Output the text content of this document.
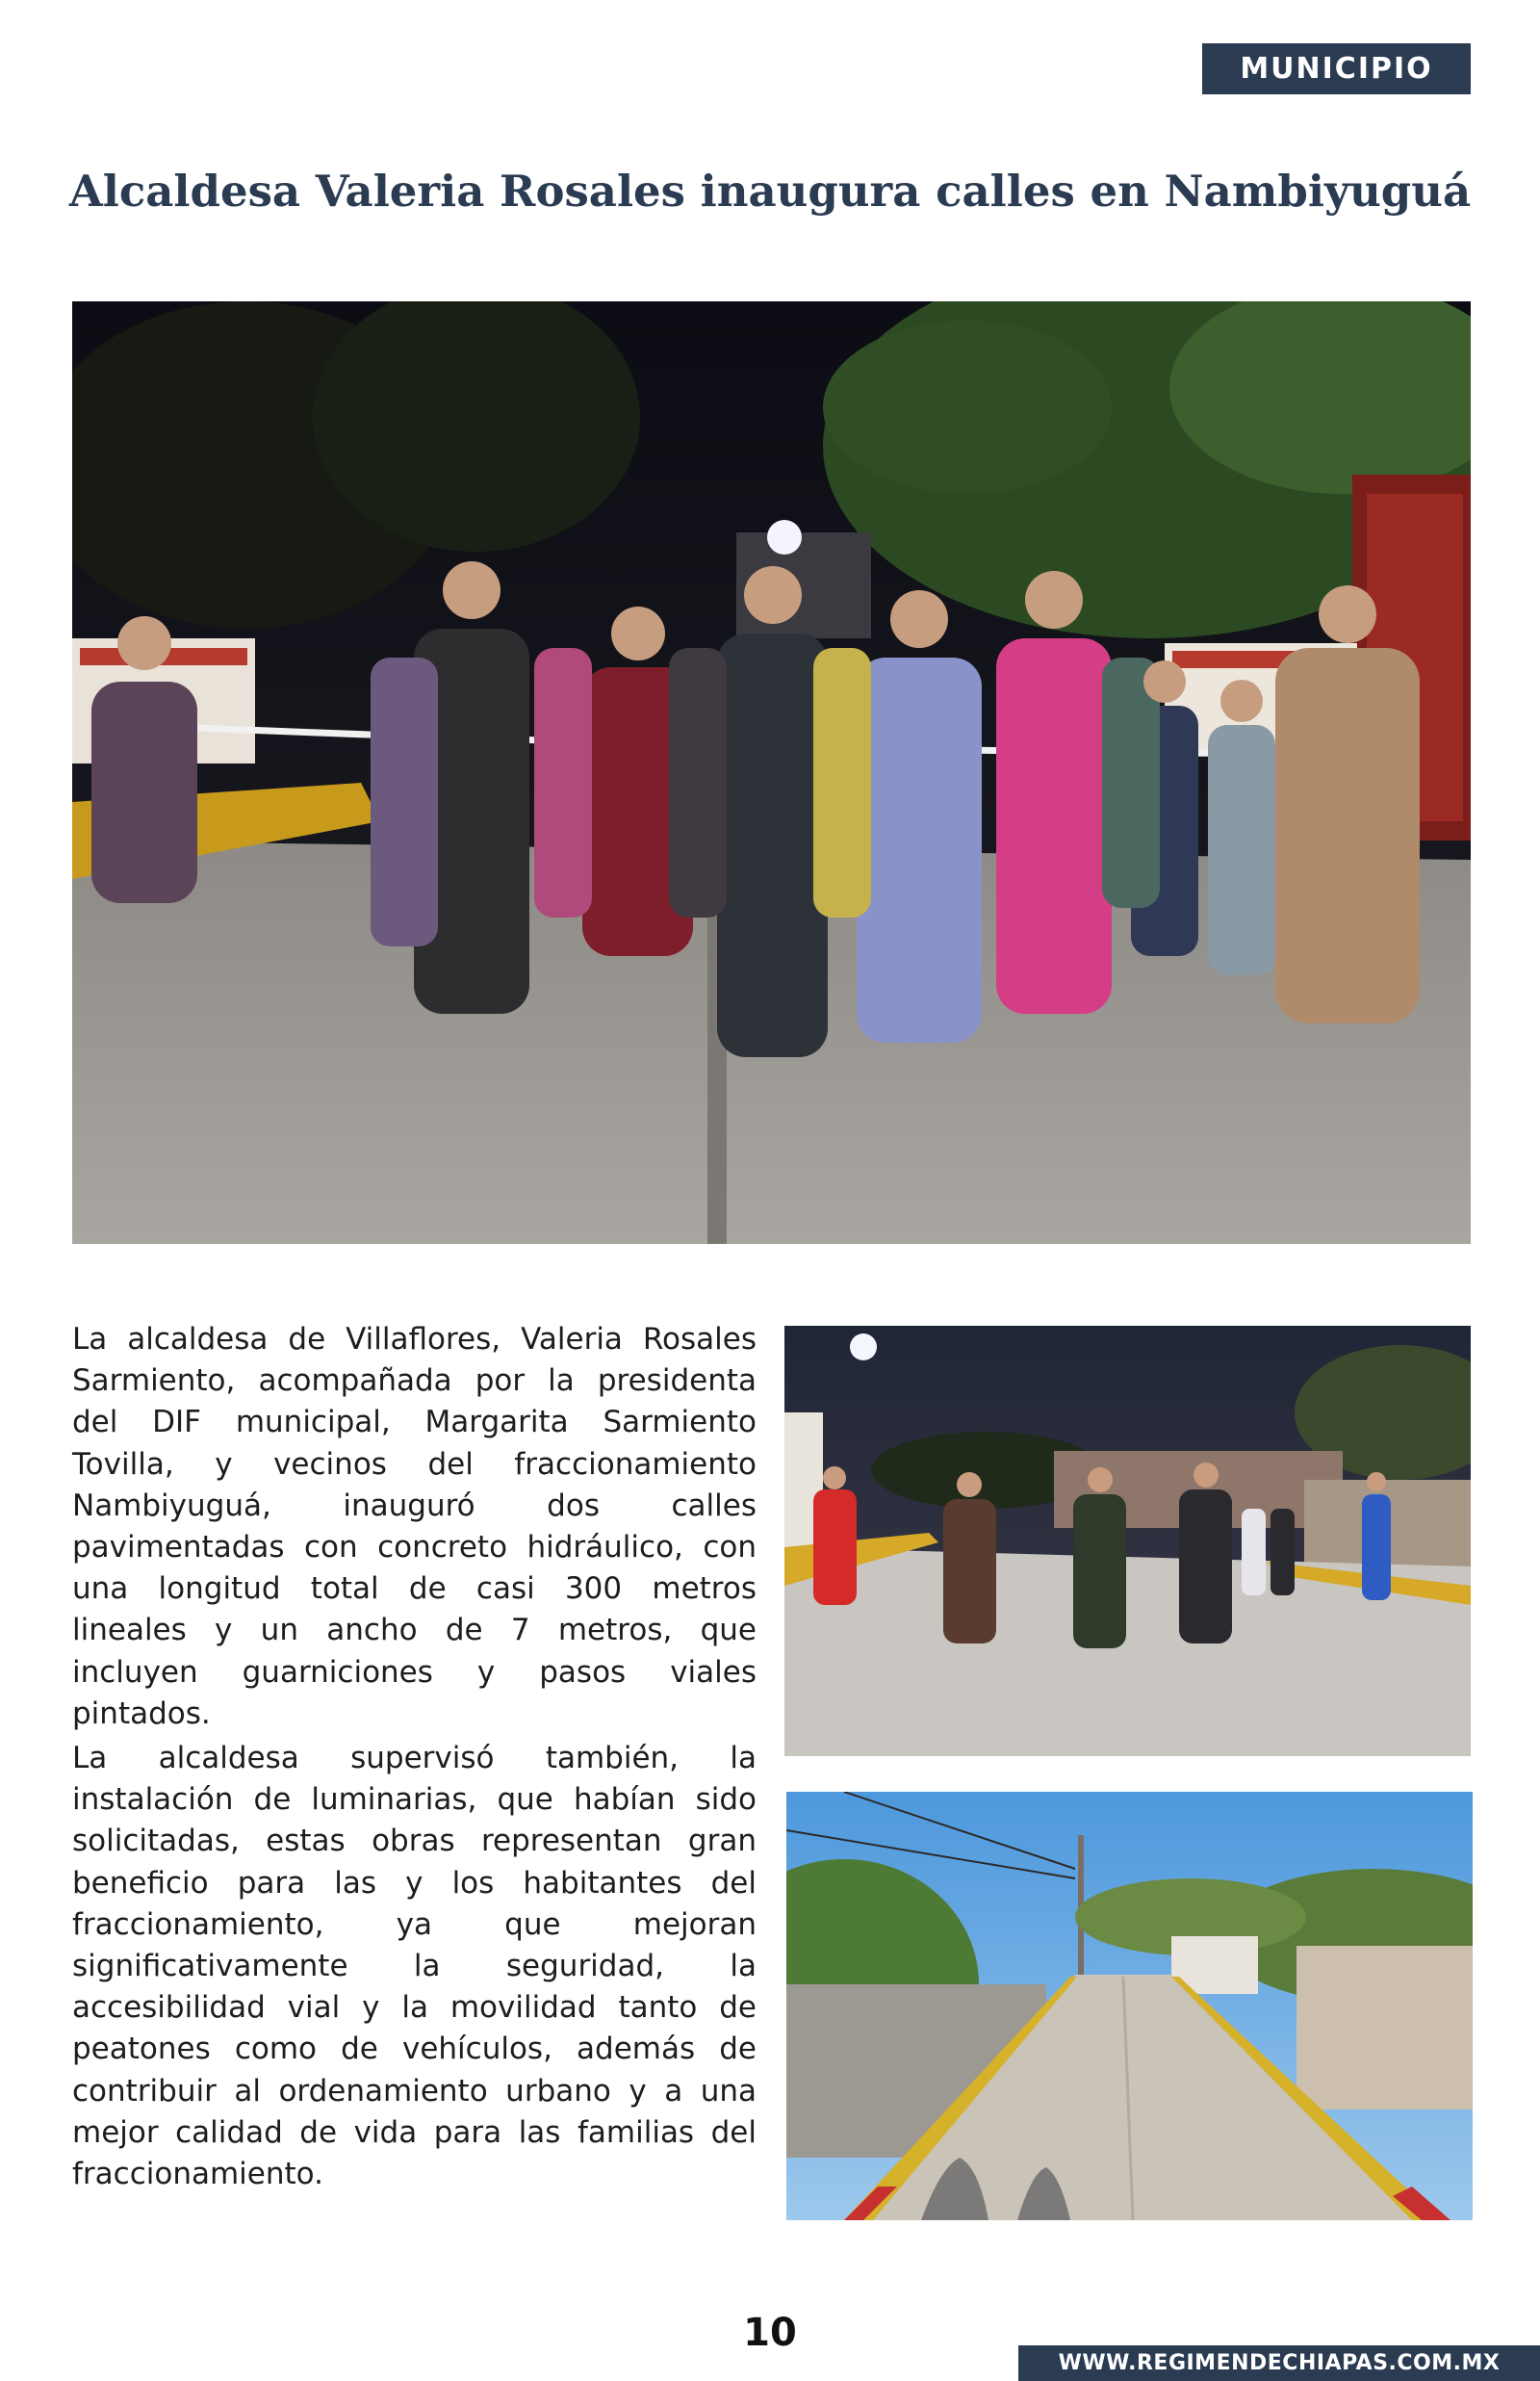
MUNICIPIO
Alcaldesa Valeria Rosales inaugura calles en Nambiyuguá

La alcaldesa de Villaflores, Valeria Rosales Sarmiento, acompañada por la presidenta del DIF municipal, Margarita Sarmiento Tovilla, y vecinos del fraccionamiento Nambiyuguá, inauguró dos calles pavimentadas con concreto hidráulico, con una longitud total de casi 300 metros lineales y un ancho de 7 metros, que incluyen guarniciones y pasos viales pintados.

La alcaldesa supervisó también, la instalación de luminarias, que habían sido solicitadas, estas obras representan gran beneficio para las y los habitantes del fraccionamiento, ya que mejoran significativamente la seguridad, la accesibilidad vial y la movilidad tanto de peatones como de vehículos, además de contribuir al ordenamiento urbano y a una mejor calidad de vida para las familias del fraccionamiento.

10
WWW.REGIMENDECHIAPAS.COM.MX
